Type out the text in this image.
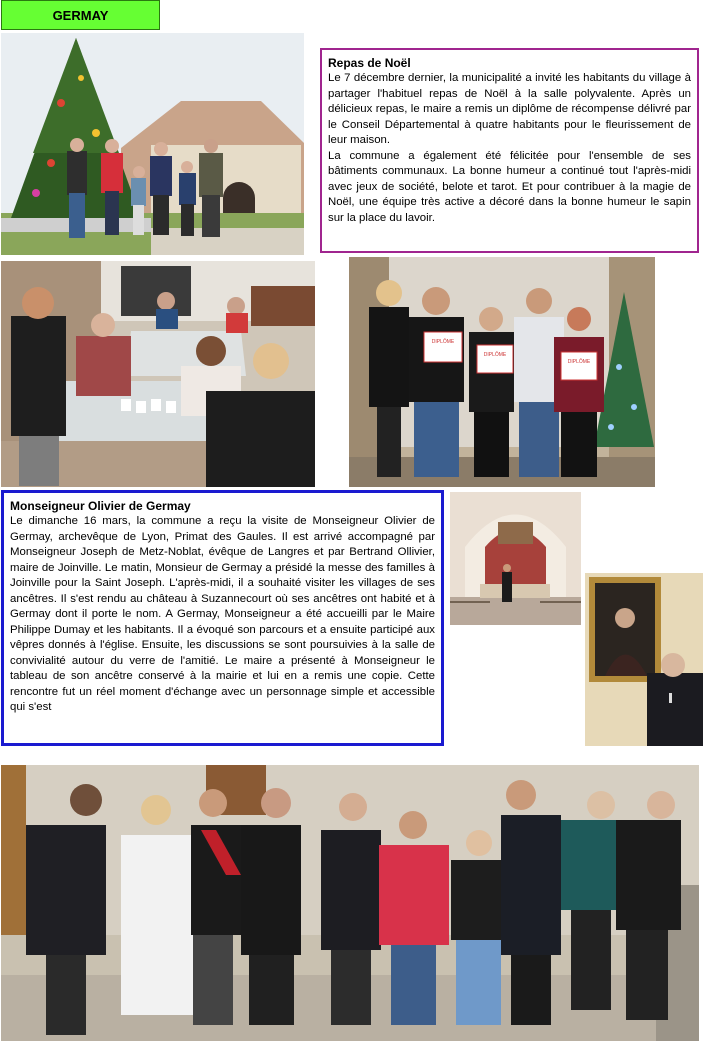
GERMAY
Repas de Noël

Le 7 décembre dernier, la municipalité a invité les habitants du village à partager l'habituel repas de Noël à la salle polyvalente. Après un délicieux repas, le maire a remis un diplôme de récompense délivré par le Conseil Départemental à quatre habitants pour le fleurissement de leur maison.

La commune a également été félicitée pour l'ensemble de ses bâtiments communaux. La bonne humeur a continué tout l'après-midi avec jeux de société, belote et tarot. Et pour contribuer à la magie de Noël, une équipe très active a décoré dans la bonne humeur le sapin sur la place du lavoir.

DIPLÔME
DIPLÔME
DIPLÔME
Monseigneur Olivier de Germay

Le dimanche 16 mars, la commune a reçu la visite de Monseigneur Olivier de Germay, archevêque de Lyon, Primat des Gaules. Il est arrivé accompagné par Monseigneur Joseph de Metz-Noblat, évêque de Langres et par Bertrand Ollivier, maire de Joinville. Le matin, Monsieur de Germay a présidé la messe des familles à Joinville pour la Saint Joseph. L'après-midi, il a souhaité visiter les villages de ses ancêtres. Il s'est rendu au château à Suzannecourt où ses ancêtres ont habité et à Germay dont il porte le nom. A Germay, Monseigneur a été accueilli par le Maire Philippe Dumay et les habitants. Il a évoqué son parcours et a ensuite participé aux vêpres donnés à l'église. Ensuite, les discussions se sont poursuivies à la salle de convivialité autour du verre de l'amitié. Le maire a présenté à Monseigneur le tableau de son ancêtre conservé à la mairie et lui en a remis une copie. Cette rencontre fut un réel moment d'échange avec un personnage simple et accessible qui s'est
